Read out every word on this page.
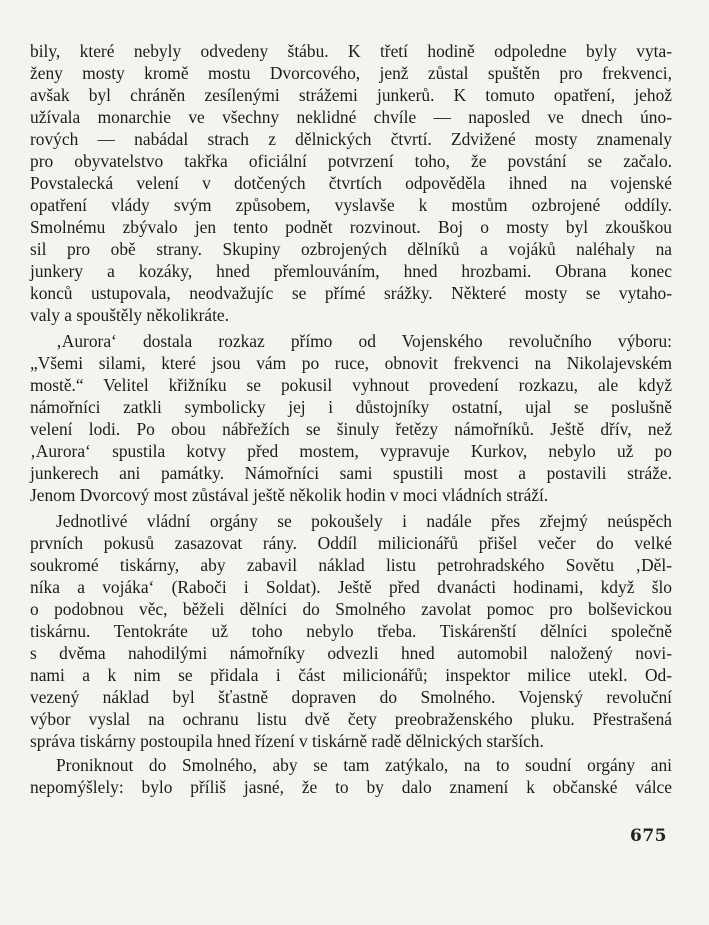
bily, které nebyly odvedeny štábu. K třetí hodině odpoledne byly vyta-
ženy mosty kromě mostu Dvorcového, jenž zůstal spuštěn pro frekvenci,
avšak byl chráněn zesílenými strážemi junkerů. K tomuto opatření, jehož
užívala monarchie ve všechny neklidné chvíle — naposled ve dnech úno-
rových — nabádal strach z dělnických čtvrtí. Zdvižené mosty znamenaly
pro obyvatelstvo takřka oficiální potvrzení toho, že povstání se začalo.
Povstalecká velení v dotčených čtvrtích odpověděla ihned na vojenské
opatření vlády svým způsobem, vyslavše k mostům ozbrojené oddíly.
Smolnému zbývalo jen tento podnět rozvinout. Boj o mosty byl zkouškou
sil pro obě strany. Skupiny ozbrojených dělníků a vojáků naléhaly na
junkery a kozáky, hned přemlouváním, hned hrozbami. Obrana konec
konců ustupovala, neodvažujíc se přímé srážky. Některé mosty se vytaho-
valy a spouštěly několikráte.
‚Aurora‘ dostala rozkaz přímo od Vojenského revolučního výboru:
„Všemi silami, které jsou vám po ruce, obnovit frekvenci na Nikolajevském
mostě.“ Velitel křižníku se pokusil vyhnout provedení rozkazu, ale když
námořníci zatkli symbolicky jej i důstojníky ostatní, ujal se poslušně
velení lodi. Po obou nábřežích se šinuly řetězy námořníků. Ještě dřív, než
‚Aurora‘ spustila kotvy před mostem, vypravuje Kurkov, nebylo už po
junkerech ani památky. Námořníci sami spustili most a postavili stráže.
Jenom Dvorcový most zůstával ještě několik hodin v moci vládních stráží.
Jednotlivé vládní orgány se pokoušely i nadále přes zřejmý neúspěch
prvních pokusů zasazovat rány. Oddíl milicionářů přišel večer do velké
soukromé tiskárny, aby zabavil náklad listu petrohradského Sovětu ‚Děl-
níka a vojáka‘ (Raboči i Soldat). Ještě před dvanácti hodinami, když šlo
o podobnou věc, běželi dělníci do Smolného zavolat pomoc pro bolševickou
tiskárnu. Tentokráte už toho nebylo třeba. Tiskárenští dělníci společně
s dvěma nahodilými námořníky odvezli hned automobil naložený novi-
nami a k nim se přidala i část milicionářů; inspektor milice utekl. Od-
vezený náklad byl šťastně dopraven do Smolného. Vojenský revoluční
výbor vyslal na ochranu listu dvě čety preobraženského pluku. Přestrašená
správa tiskárny postoupila hned řízení v tiskárně radě dělnických starších.
Proniknout do Smolného, aby se tam zatýkalo, na to soudní orgány ani
nepomýšlely: bylo příliš jasné, že to by dalo znamení k občanské válce
675
